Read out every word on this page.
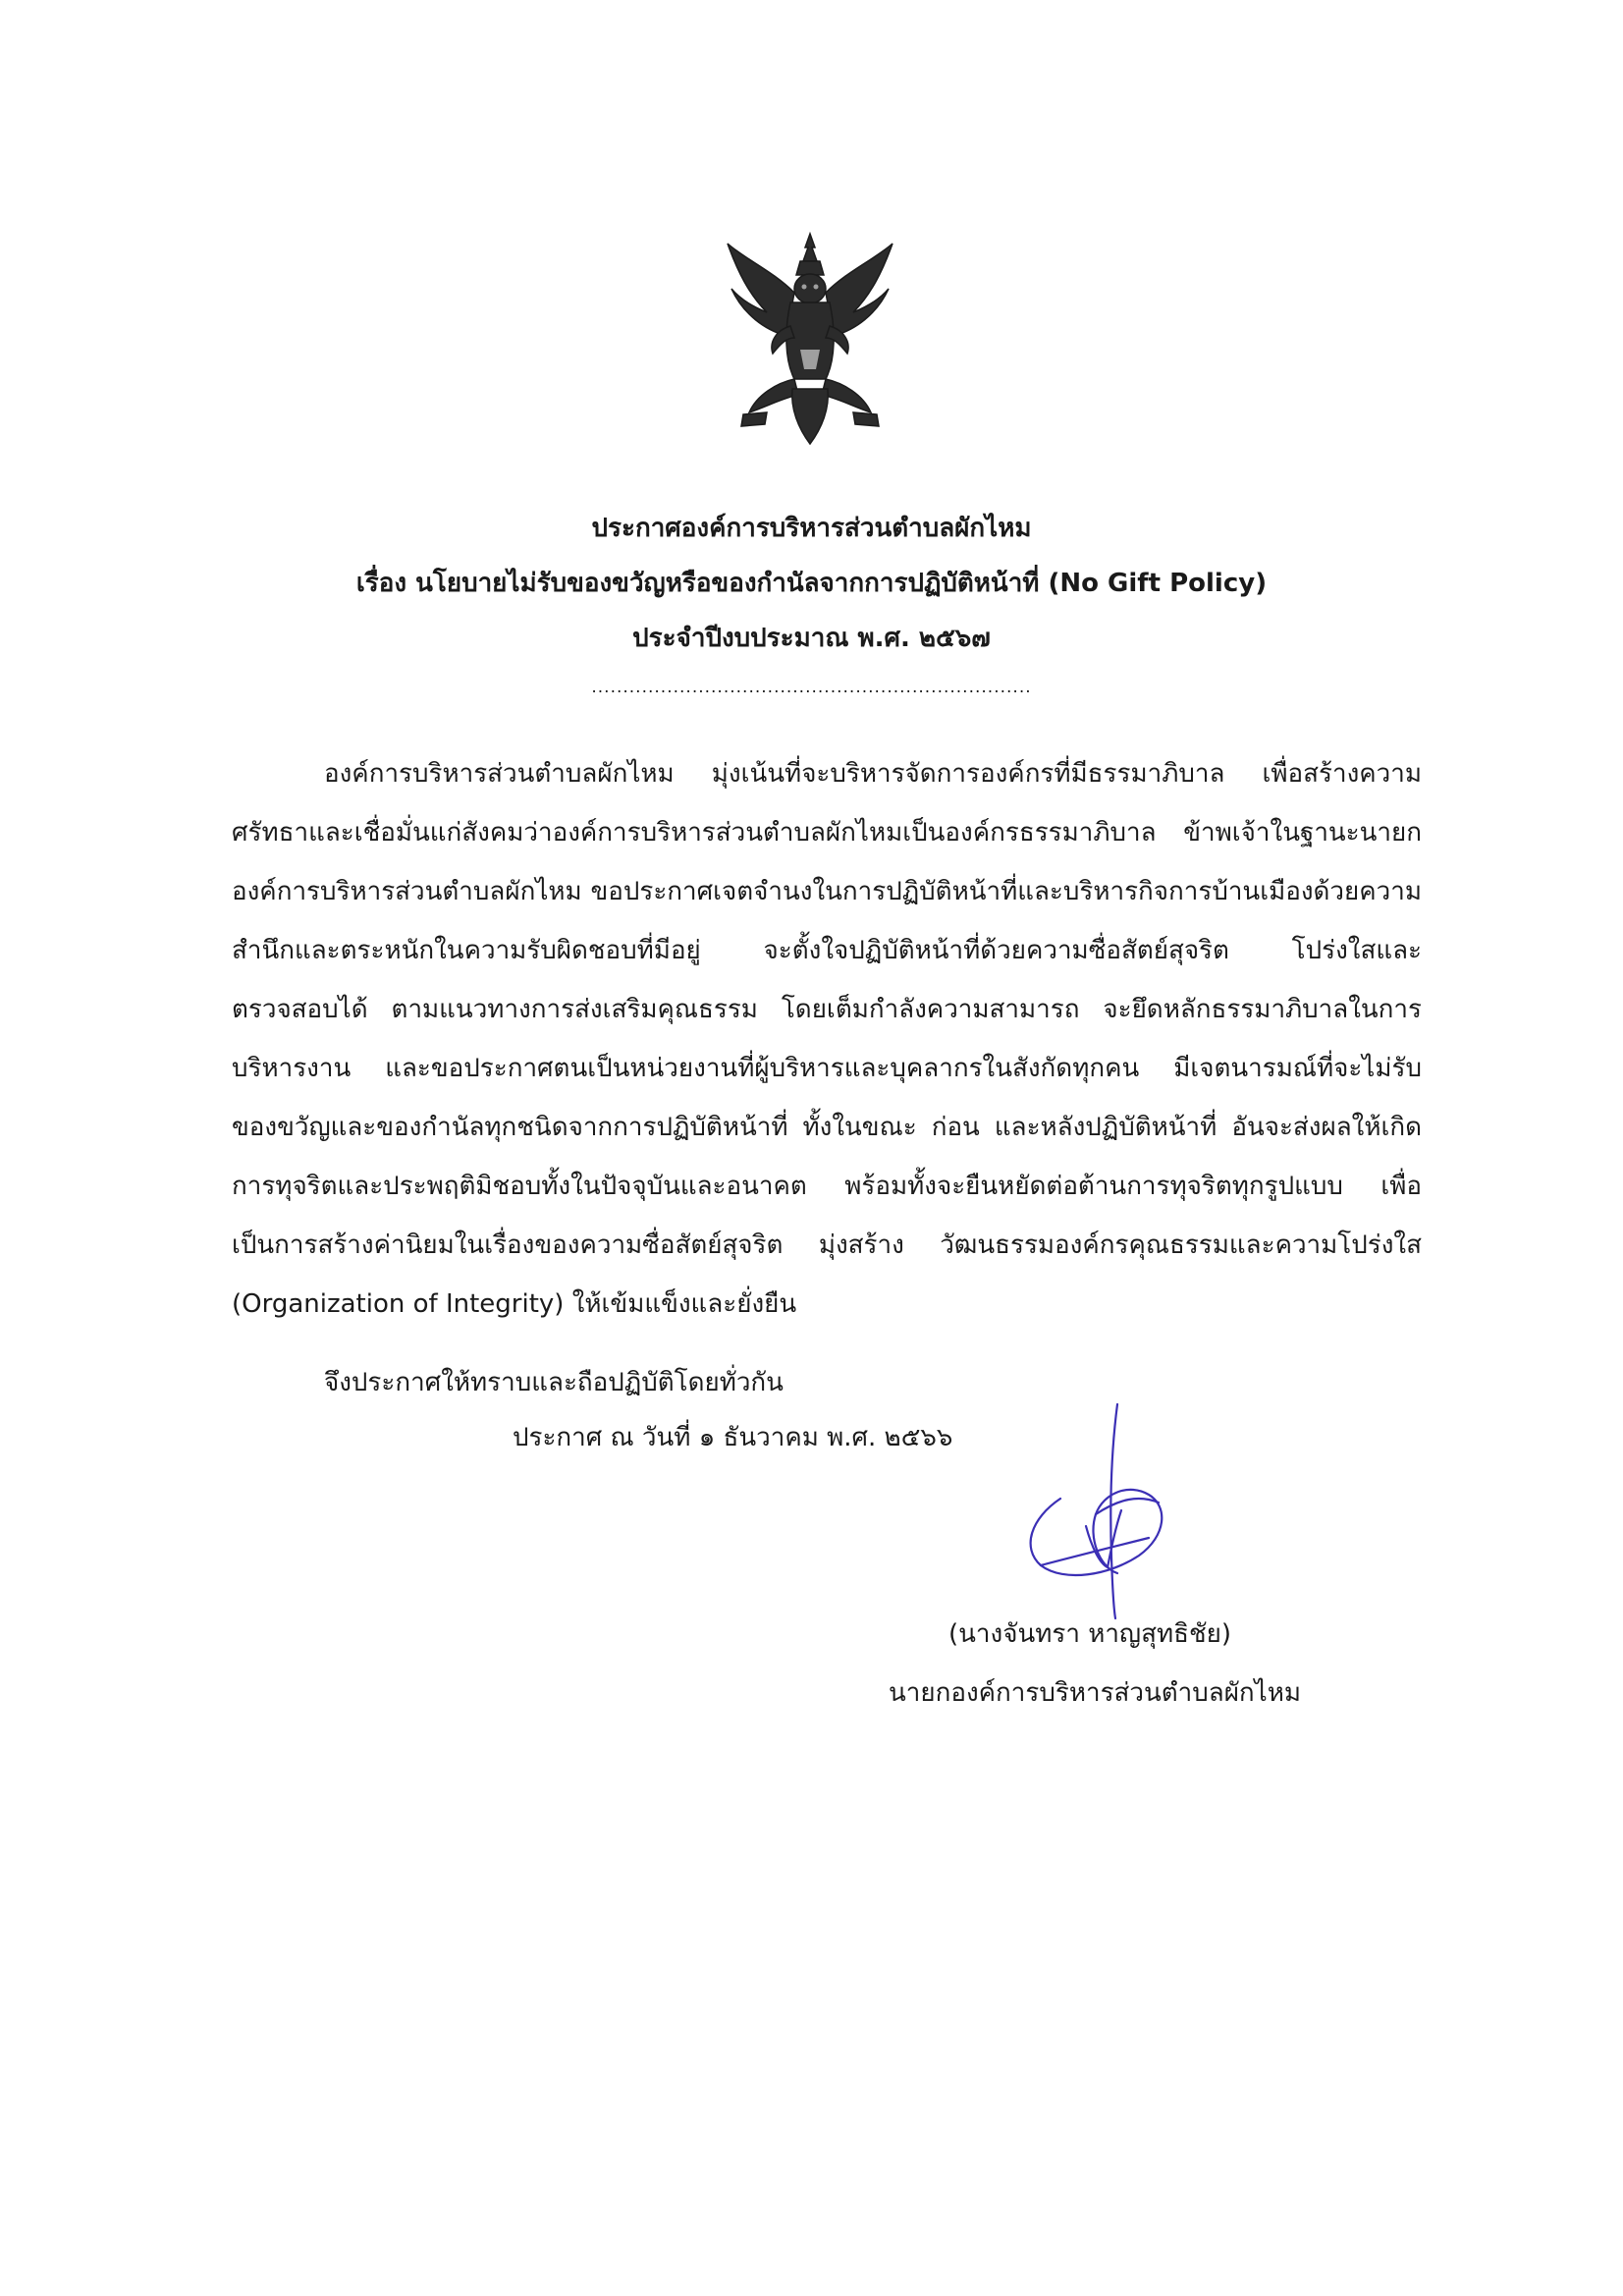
ประกาศองค์การบริหารส่วนตำบลผักไหม
เรื่อง นโยบายไม่รับของขวัญหรือของกำนัลจากการปฏิบัติหน้าที่ (No Gift Policy)
ประจำปีงบประมาณ พ.ศ. ๒๕๖๗
......................................................................
องค์การบริหารส่วนตำบลผักไหม มุ่งเน้นที่จะบริหารจัดการองค์กรที่มีธรรมาภิบาล เพื่อสร้างความ
ศรัทธาและเชื่อมั่นแก่สังคมว่าองค์การบริหารส่วนตำบลผักไหมเป็นองค์กรธรรมาภิบาล ข้าพเจ้าในฐานะนายก
องค์การบริหารส่วนตำบลผักไหม ขอประกาศเจตจำนงในการปฏิบัติหน้าที่และบริหารกิจการบ้านเมืองด้วยความ
สำนึกและตระหนักในความรับผิดชอบที่มีอยู่ จะตั้งใจปฏิบัติหน้าที่ด้วยความซื่อสัตย์สุจริต โปร่งใสและ
ตรวจสอบได้ ตามแนวทางการส่งเสริมคุณธรรม โดยเต็มกำลังความสามารถ จะยึดหลักธรรมาภิบาลในการ
บริหารงาน และขอประกาศตนเป็นหน่วยงานที่ผู้บริหารและบุคลากรในสังกัดทุกคน มีเจตนารมณ์ที่จะไม่รับ
ของขวัญและของกำนัลทุกชนิดจากการปฏิบัติหน้าที่ ทั้งในขณะ ก่อน และหลังปฏิบัติหน้าที่ อันจะส่งผลให้เกิด
การทุจริตและประพฤติมิชอบทั้งในปัจจุบันและอนาคต พร้อมทั้งจะยืนหยัดต่อต้านการทุจริตทุกรูปแบบ เพื่อ
เป็นการสร้างค่านิยมในเรื่องของความซื่อสัตย์สุจริต มุ่งสร้าง วัฒนธรรมองค์กรคุณธรรมและความโปร่งใส
(Organization of Integrity) ให้เข้มแข็งและยั่งยืน
จึงประกาศให้ทราบและถือปฏิบัติโดยทั่วกัน
ประกาศ ณ วันที่ ๑ ธันวาคม พ.ศ. ๒๕๖๖
(นางจันทรา หาญสุทธิชัย)
นายกองค์การบริหารส่วนตำบลผักไหม
